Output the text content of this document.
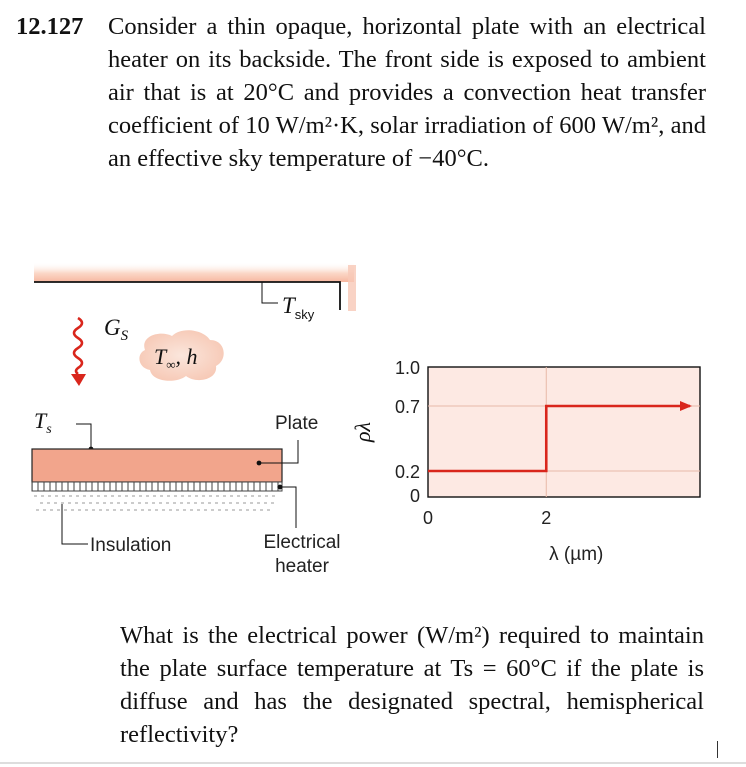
12.127 Consider a thin opaque, horizontal plate with an electrical heater on its backside. The front side is exposed to ambient air that is at 20°C and provides a convection heat transfer coefficient of 10 W/m²·K, solar irradiation of 600 W/m², and an effective sky temperature of −40°C.
$T_{sky}$
$G_S$
$T_\infty$, h
$T_s$	Plate
Insulation	Electrical
heater
0
0.2
0.7
1.0
0	2
ρλ
λ (µm)
What is the electrical power (W/m²) required to maintain the plate surface temperature at Ts = 60°C if the plate is diffuse and has the designated spectral, hemispherical reflectivity?
